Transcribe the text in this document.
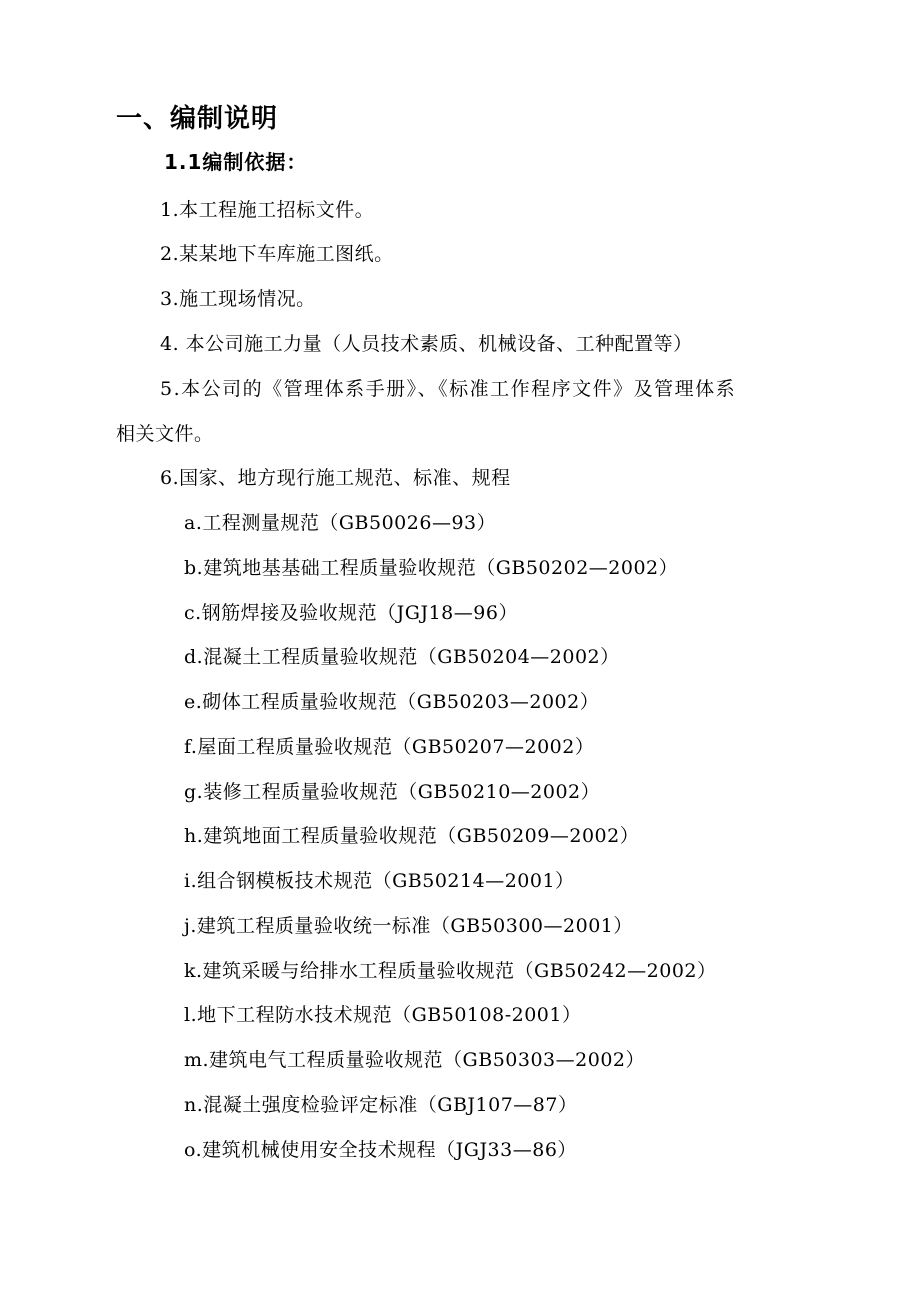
一、编制说明
1.1编制依据：
1.本工程施工招标文件。
2.某某地下车库施工图纸。
3.施工现场情况。
4. 本公司施工力量（人员技术素质、机械设备、工种配置等）
5.本公司的《管理体系手册》、《标准工作程序文件》及管理体系
相关文件。
6.国家、地方现行施工规范、标准、规程
a.工程测量规范（GB50026—93）
b.建筑地基基础工程质量验收规范（GB50202—2002）
c.钢筋焊接及验收规范（JGJ18—96）
d.混凝土工程质量验收规范（GB50204—2002）
e.砌体工程质量验收规范（GB50203—2002）
f.屋面工程质量验收规范（GB50207—2002）
g.装修工程质量验收规范（GB50210—2002）
h.建筑地面工程质量验收规范（GB50209—2002）
i.组合钢模板技术规范（GB50214—2001）
j.建筑工程质量验收统一标准（GB50300—2001）
k.建筑采暖与给排水工程质量验收规范（GB50242—2002）
l.地下工程防水技术规范（GB50108-2001）
m.建筑电气工程质量验收规范（GB50303—2002）
n.混凝土强度检验评定标准（GBJ107—87）
o.建筑机械使用安全技术规程（JGJ33—86）
